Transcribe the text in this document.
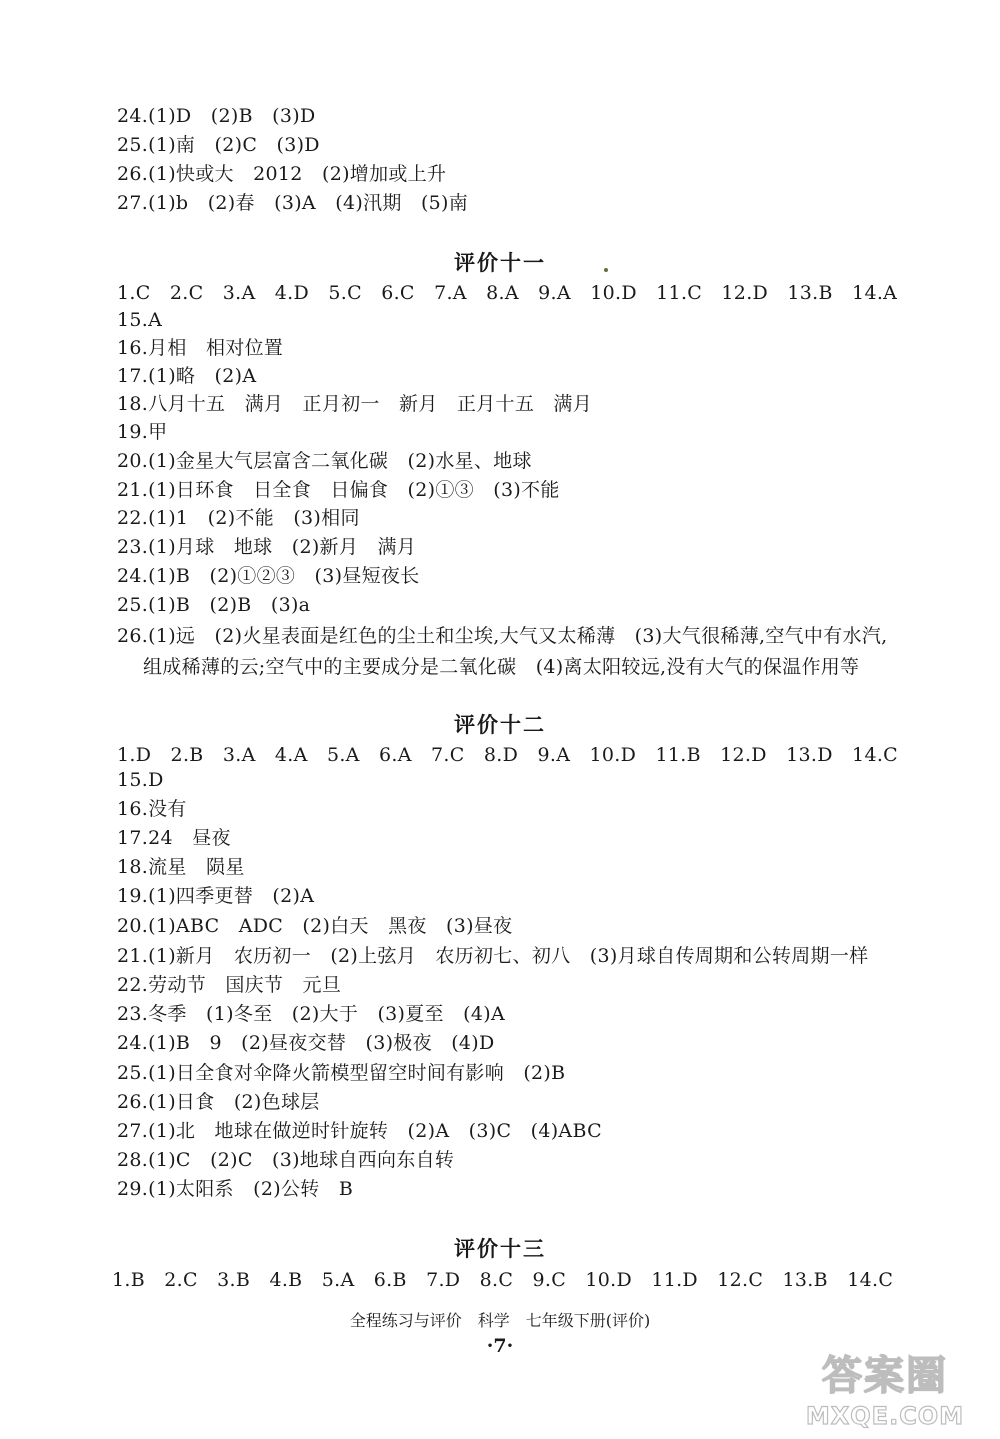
24.(1)D　(2)B　(3)D
25.(1)南　(2)C　(3)D
26.(1)快或大　2012　(2)增加或上升
27.(1)b　(2)春　(3)A　(4)汛期　(5)南
评价十一
1.C　2.C　3.A　4.D　5.C　6.C　7.A　8.A　9.A　10.D　11.C　12.D　13.B　14.A
15.A
16.月相　相对位置
17.(1)略　(2)A
18.八月十五　满月　正月初一　新月　正月十五　满月
19.甲
20.(1)金星大气层富含二氧化碳　(2)水星、地球
21.(1)日环食　日全食　日偏食　(2)①③　(3)不能
22.(1)1　(2)不能　(3)相同
23.(1)月球　地球　(2)新月　满月
24.(1)B　(2)①②③　(3)昼短夜长
25.(1)B　(2)B　(3)a
26.(1)远　(2)火星表面是红色的尘土和尘埃,大气又太稀薄　(3)大气很稀薄,空气中有水汽,
组成稀薄的云;空气中的主要成分是二氧化碳　(4)离太阳较远,没有大气的保温作用等
评价十二
1.D　2.B　3.A　4.A　5.A　6.A　7.C　8.D　9.A　10.D　11.B　12.D　13.D　14.C
15.D
16.没有
17.24　昼夜
18.流星　陨星
19.(1)四季更替　(2)A
20.(1)ABC　ADC　(2)白天　黑夜　(3)昼夜
21.(1)新月　农历初一　(2)上弦月　农历初七、初八　(3)月球自传周期和公转周期一样
22.劳动节　国庆节　元旦
23.冬季　(1)冬至　(2)大于　(3)夏至　(4)A
24.(1)B　9　(2)昼夜交替　(3)极夜　(4)D
25.(1)日全食对伞降火箭模型留空时间有影响　(2)B
26.(1)日食　(2)色球层
27.(1)北　地球在做逆时针旋转　(2)A　(3)C　(4)ABC
28.(1)C　(2)C　(3)地球自西向东自转
29.(1)太阳系　(2)公转　B
评价十三
1.B　2.C　3.B　4.B　5.A　6.B　7.D　8.C　9.C　10.D　11.D　12.C　13.B　14.C
全程练习与评价　科学　七年级下册(评价)
·7·
答案圈
MXQE.COM
